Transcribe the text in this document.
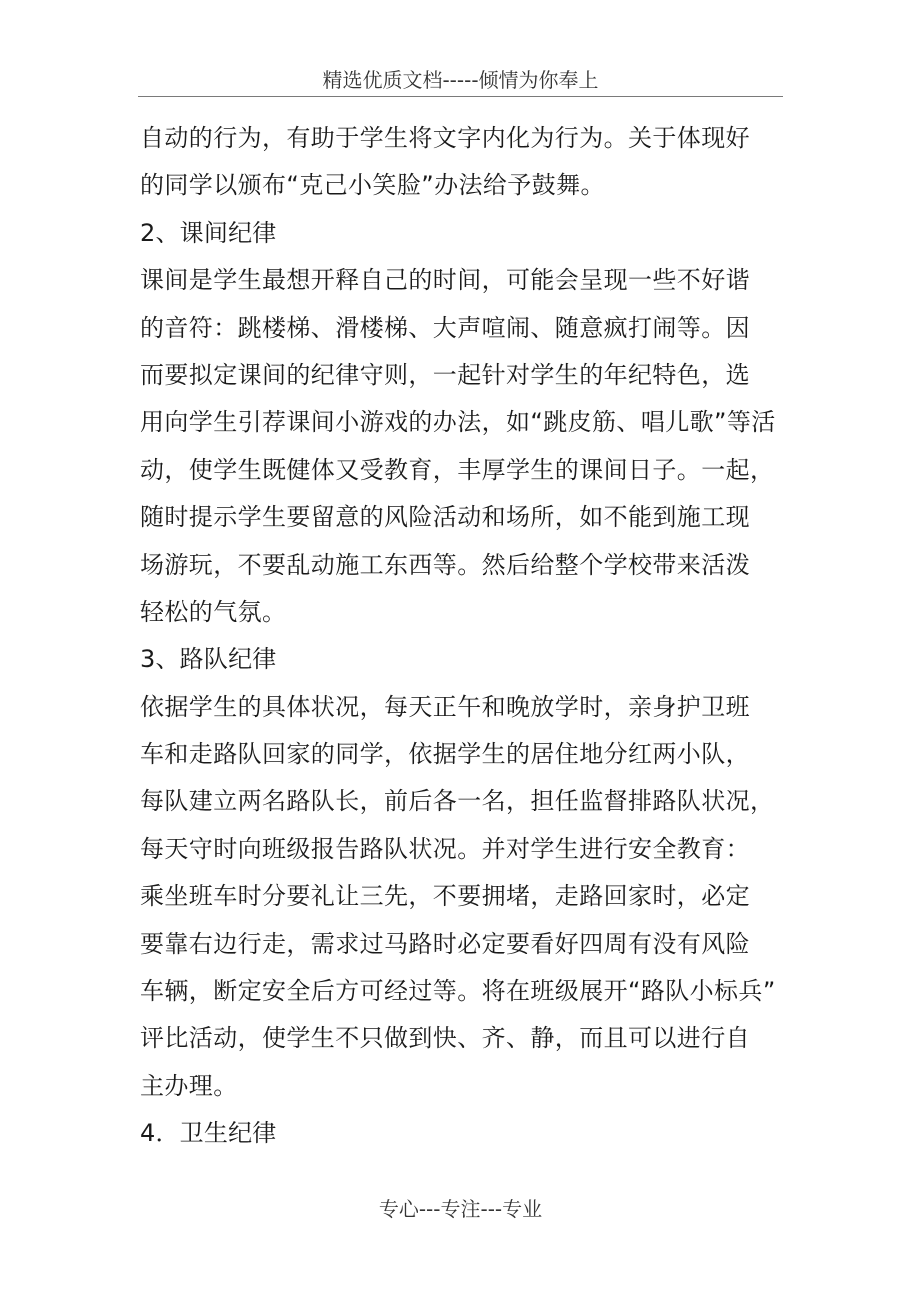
精选优质文档-----倾情为你奉上
自动的行为，有助于学生将文字内化为行为。关于体现好
的同学以颁布“克己小笑脸”办法给予鼓舞。
2、课间纪律
课间是学生最想开释自己的时间，可能会呈现一些不好谐
的音符：跳楼梯、滑楼梯、大声喧闹、随意疯打闹等。因
而要拟定课间的纪律守则，一起针对学生的年纪特色，选
用向学生引荐课间小游戏的办法，如“跳皮筋、唱儿歌”等活
动，使学生既健体又受教育，丰厚学生的课间日子。一起，
随时提示学生要留意的风险活动和场所，如不能到施工现
场游玩，不要乱动施工东西等。然后给整个学校带来活泼
轻松的气氛。
3、路队纪律
依据学生的具体状况，每天正午和晚放学时，亲身护卫班
车和走路队回家的同学，依据学生的居住地分红两小队，
每队建立两名路队长，前后各一名，担任监督排路队状况，
每天守时向班级报告路队状况。并对学生进行安全教育：
乘坐班车时分要礼让三先，不要拥堵，走路回家时，必定
要靠右边行走，需求过马路时必定要看好四周有没有风险
车辆，断定安全后方可经过等。将在班级展开“路队小标兵”
评比活动，使学生不只做到快、齐、静，而且可以进行自
主办理。
4．卫生纪律
专心---专注---专业
